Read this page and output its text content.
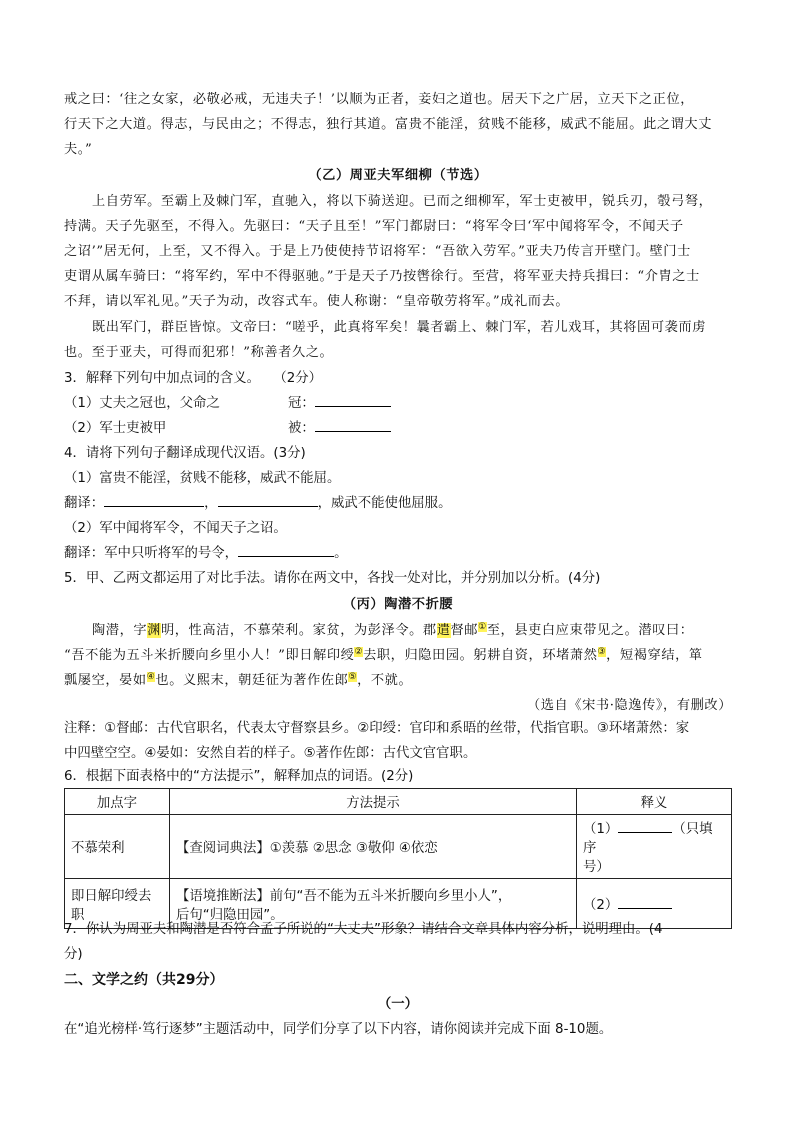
戒之曰：‘往之女家，必敬必戒，无违夫子！’以顺为正者，妾妇之道也。居天下之广居，立天下之正位，

行天下之大道。得志，与民由之；不得志，独行其道。富贵不能淫，贫贱不能移，威武不能屈。此之谓大丈

夫。”

（乙）周亚夫军细柳（节选）

上自劳军。至霸上及棘门军，直驰入，将以下骑送迎。已而之细柳军，军士吏被甲，锐兵刃，彀弓弩，

持满。天子先驱至，不得入。先驱曰：“天子且至！”军门都尉曰：“将军令曰‘军中闻将军令，不闻天子

之诏’”居无何，上至，又不得入。于是上乃使使持节诏将军：“吾欲入劳军。”亚夫乃传言开壁门。壁门士

吏谓从属车骑曰：“将军约，军中不得驱驰。”于是天子乃按辔徐行。至营，将军亚夫持兵揖曰：“介胄之士

不拜，请以军礼见。”天子为动，改容式车。使人称谢：“皇帝敬劳将军。”成礼而去。

既出军门，群臣皆惊。文帝曰：“嗟乎，此真将军矣！曩者霸上、棘门军，若儿戏耳，其将固可袭而虏

也。至于亚夫，可得而犯邪！”称善者久之。

3．解释下列句中加点词的含义。　　（2分）

（1）丈夫之冠也，父命之	冠：

（2）军士吏被甲	被：

4．请将下列句子翻译成现代汉语。(3分)

（1）富贵不能淫，贫贱不能移，威武不能屈。

翻译：	，	，威武不能使他屈服。

（2）军中闻将军令，不闻天子之诏。

翻译：军中只听将军的号令，	。

5．甲、乙两文都运用了对比手法。请你在两文中，各找一处对比，并分别加以分析。(4分)

（丙）陶潜不折腰

陶潜，字渊明，性高洁，不慕荣利。家贫，为彭泽令。郡遣督邮①至，县吏白应束带见之。潜叹曰：

“吾不能为五斗米折腰向乡里小人！”即日解印绶②去职，归隐田园。躬耕自资，环堵萧然③，短褐穿结，箪

瓢屡空，晏如④也。义熙末，朝廷征为著作佐郎⑤，不就。

（选自《宋书·隐逸传》，有删改）

注释：①督邮：古代官职名，代表太守督察县乡。②印绶：官印和系晤的丝带，代指官职。③环堵萧然：家

中四壁空空。④晏如：安然自若的样子。⑤著作佐郎：古代文官官职。

6．根据下面表格中的“方法提示”，解释加点的词语。(2分)

加点字	方法提示	释义
不慕荣利	【查阅词典法】①羡慕 ②思念 ③敬仰 ④依恋	（1） （只填序
号）
即日解印绶去职	【语境推断法】前句“吾不能为五斗米折腰向乡里小人”，
后句“归隐田园”。	（2）

7．你认为周亚夫和陶潜是否符合孟子所说的“大丈夫”形象？请结合文章具体内容分析，说明理由。(4

分)

二、文学之约（共29分）

（一）

在“追光榜样·笃行逐梦”主题活动中，同学们分享了以下内容，请你阅读并完成下面 8-10题。
